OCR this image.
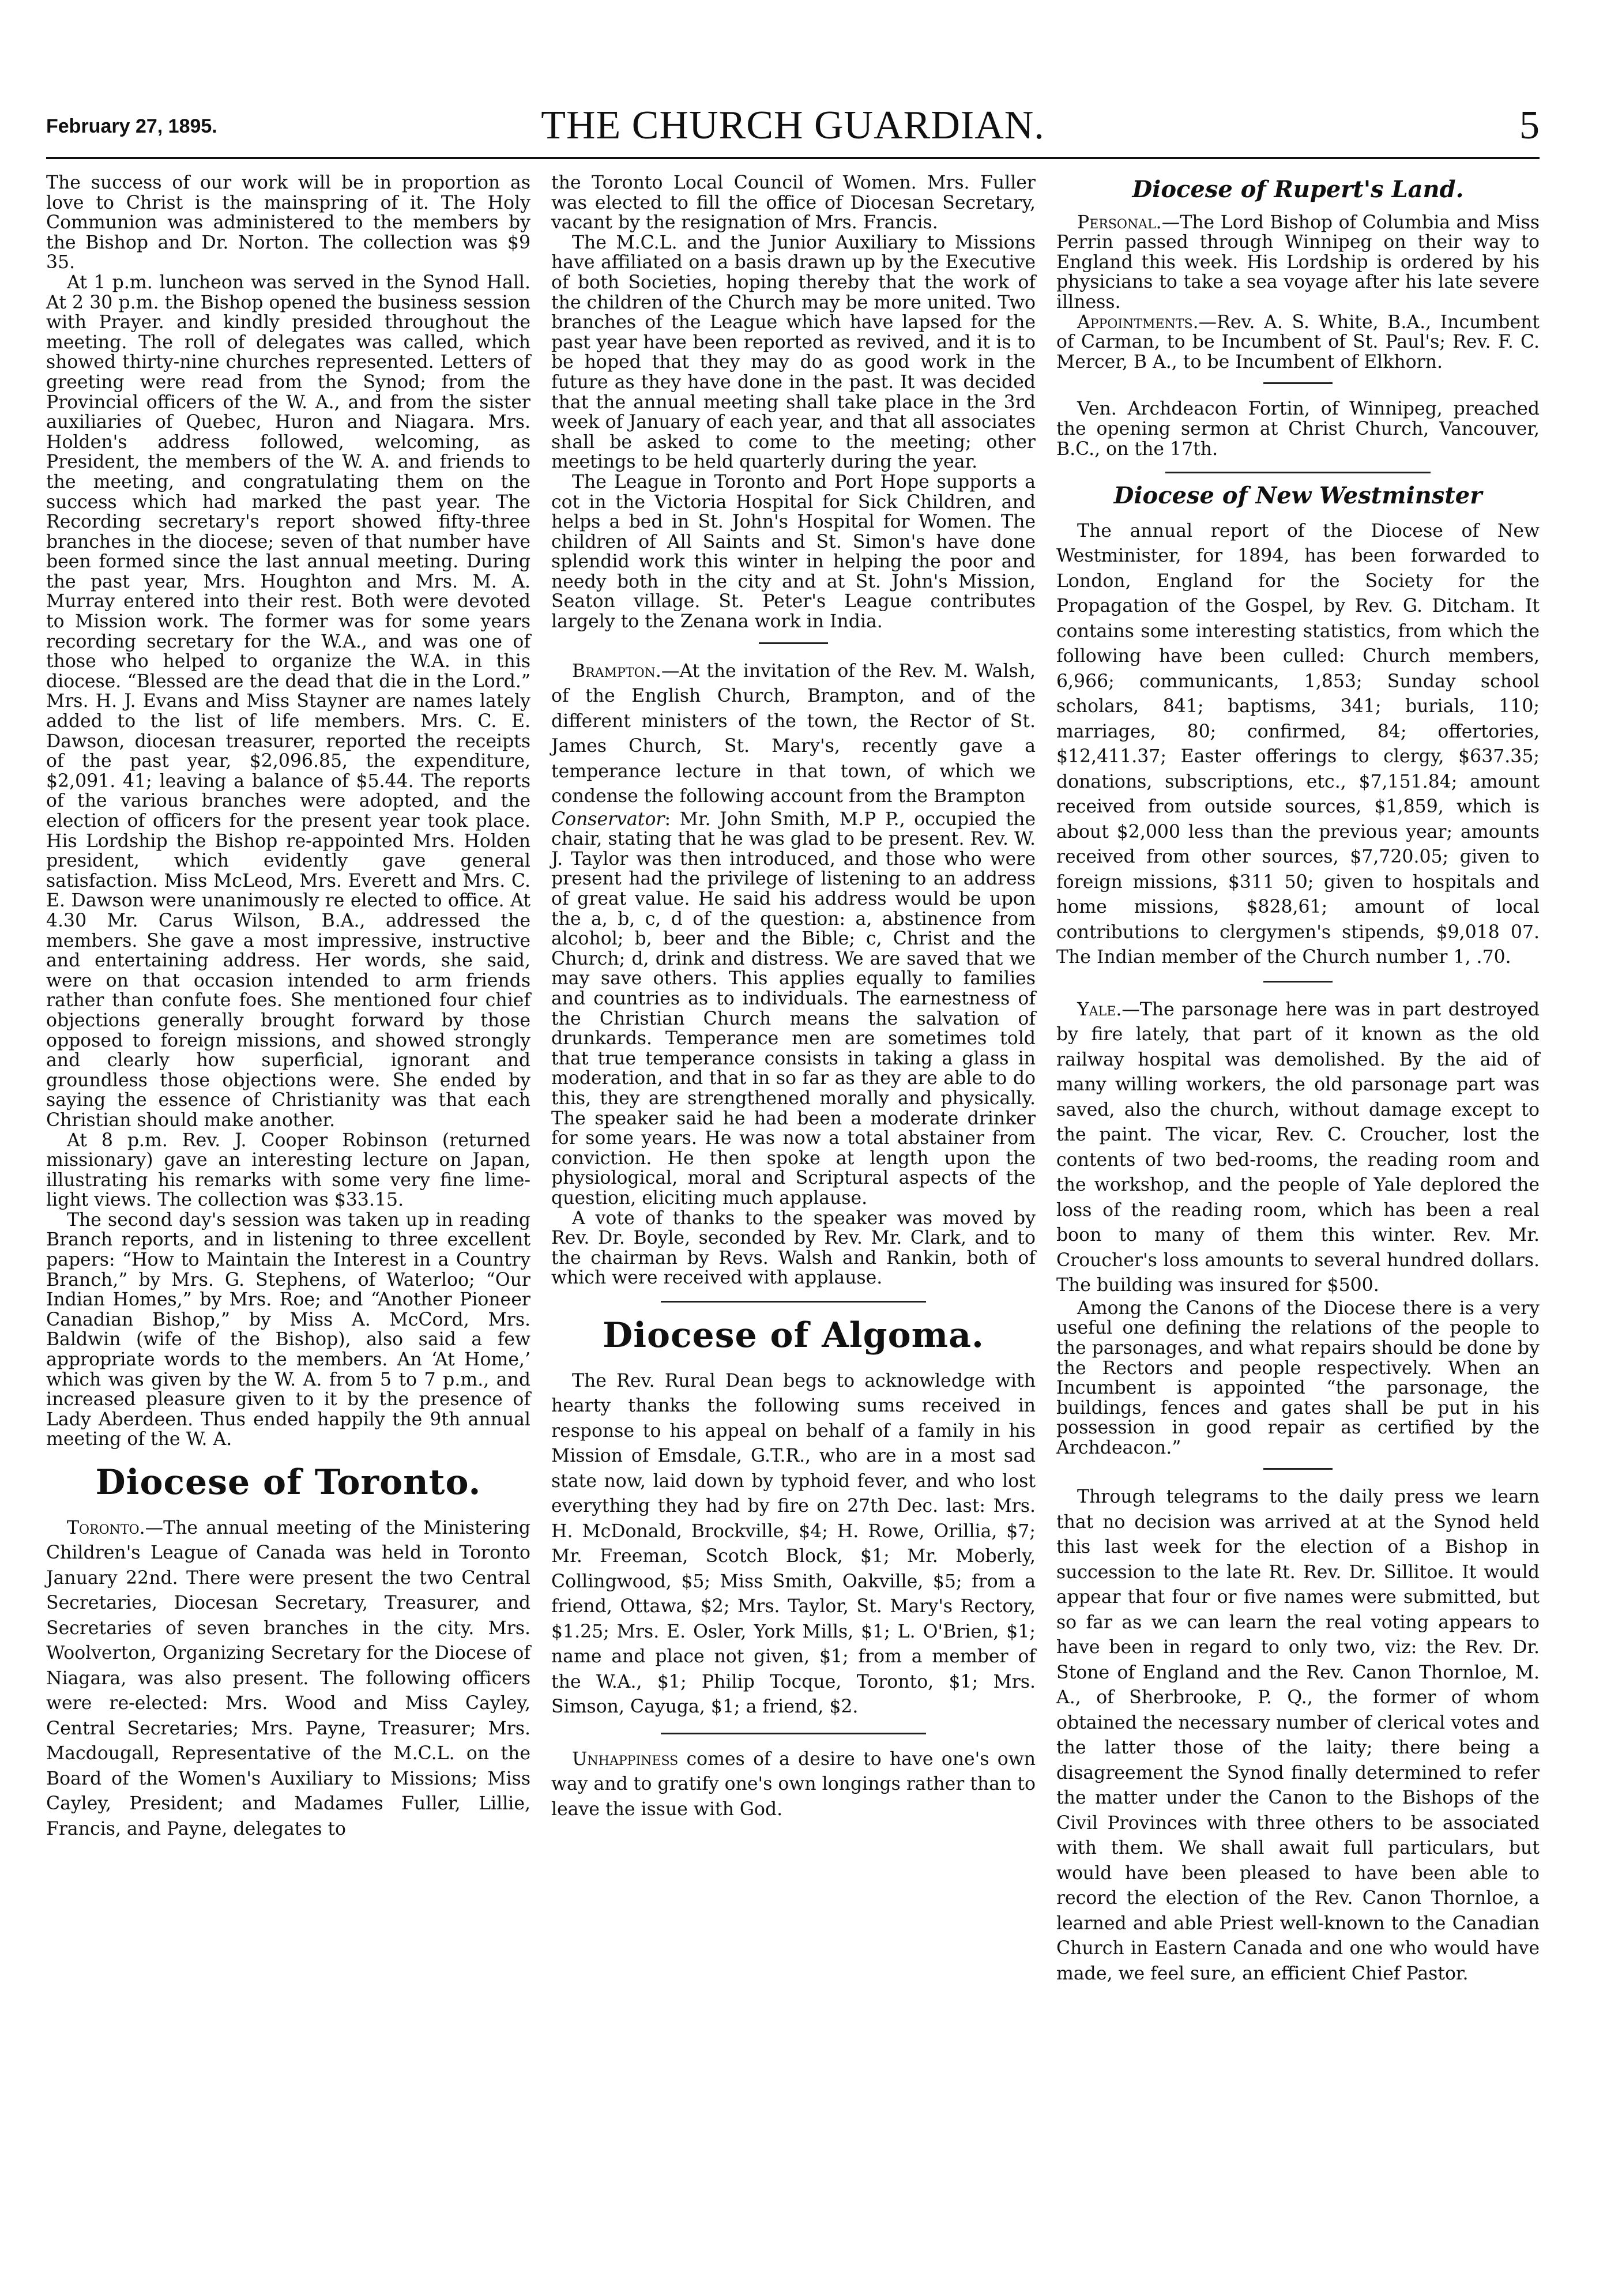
February 27, 1895.	THE CHURCH GUARDIAN.	5

The success of our work will be in proportion as love to Christ is the mainspring of it. The Holy Communion was administered to the members by the Bishop and Dr. Norton. The collection was $9 35.

At 1 p.m. luncheon was served in the Synod Hall. At 2 30 p.m. the Bishop opened the business session with Prayer. and kindly presided throughout the meeting. The roll of delegates was called, which showed thirty-nine churches represented. Letters of greeting were read from the Synod; from the Provincial officers of the W. A., and from the sister auxiliaries of Quebec, Huron and Niagara. Mrs. Holden's address followed, welcoming, as President, the members of the W. A. and friends to the meeting, and congratulating them on the success which had marked the past year. The Recording secretary's report showed fifty-three branches in the diocese; seven of that number have been formed since the last annual meeting. During the past year, Mrs. Houghton and Mrs. M. A. Murray entered into their rest. Both were devoted to Mission work. The former was for some years recording secretary for the W.A., and was one of those who helped to organize the W.A. in this diocese. “Blessed are the dead that die in the Lord.” Mrs. H. J. Evans and Miss Stayner are names lately added to the list of life members. Mrs. C. E. Dawson, diocesan treasurer, reported the receipts of the past year, $2,096.85, the expenditure, $2,091. 41; leaving a balance of $5.44. The reports of the various branches were adopted, and the election of officers for the present year took place. His Lordship the Bishop re-appointed Mrs. Holden president, which evidently gave general satisfaction. Miss McLeod, Mrs. Everett and Mrs. C. E. Dawson were unanimously re elected to office. At 4.30 Mr. Carus Wilson, B.A., addressed the members. She gave a most impressive, instructive and entertaining address. Her words, she said, were on that occasion intended to arm friends rather than confute foes. She mentioned four chief objections generally brought forward by those opposed to foreign missions, and showed strongly and clearly how superficial, ignorant and groundless those objections were. She ended by saying the essence of Christianity was that each Christian should make another.

At 8 p.m. Rev. J. Cooper Robinson (returned missionary) gave an interesting lecture on Japan, illustrating his remarks with some very fine lime-light views. The collection was $33.15.

The second day's session was taken up in reading Branch reports, and in listening to three excellent papers: “How to Maintain the Interest in a Country Branch,” by Mrs. G. Stephens, of Waterloo; “Our Indian Homes,” by Mrs. Roe; and “Another Pioneer Canadian Bishop,” by Miss A. McCord, Mrs. Baldwin (wife of the Bishop), also said a few appropriate words to the members. An ‘At Home,’ which was given by the W. A. from 5 to 7 p.m., and increased pleasure given to it by the presence of Lady Aberdeen. Thus ended happily the 9th annual meeting of the W. A.

Diocese of Toronto.

Toronto.—The annual meeting of the Ministering Children's League of Canada was held in Toronto January 22nd. There were present the two Central Secretaries, Diocesan Secretary, Treasurer, and Secretaries of seven branches in the city. Mrs. Woolverton, Organizing Secretary for the Diocese of Niagara, was also present. The following officers were re-elected: Mrs. Wood and Miss Cayley, Central Secretaries; Mrs. Payne, Treasurer; Mrs. Macdougall, Representative of the M.C.L. on the Board of the Women's Auxiliary to Missions; Miss Cayley, President; and Madames Fuller, Lillie, Francis, and Payne, delegates to

the Toronto Local Council of Women. Mrs. Fuller was elected to fill the office of Diocesan Secretary, vacant by the resignation of Mrs. Francis.

The M.C.L. and the Junior Auxiliary to Missions have affiliated on a basis drawn up by the Executive of both Societies, hoping thereby that the work of the children of the Church may be more united. Two branches of the League which have lapsed for the past year have been reported as revived, and it is to be hoped that they may do as good work in the future as they have done in the past. It was decided that the annual meeting shall take place in the 3rd week of January of each year, and that all associates shall be asked to come to the meeting; other meetings to be held quarterly during the year.

The League in Toronto and Port Hope supports a cot in the Victoria Hospital for Sick Children, and helps a bed in St. John's Hospital for Women. The children of All Saints and St. Simon's have done splendid work this winter in helping the poor and needy both in the city and at St. John's Mission, Seaton village. St. Peter's League contributes largely to the Zenana work in India.

Brampton.—At the invitation of the Rev. M. Walsh, of the English Church, Brampton, and of the different ministers of the town, the Rector of St. James Church, St. Mary's, recently gave a temperance lecture in that town, of which we condense the following account from the Brampton

Conservator: Mr. John Smith, M.P P., occupied the chair, stating that he was glad to be present. Rev. W. J. Taylor was then introduced, and those who were present had the privilege of listening to an address of great value. He said his address would be upon the a, b, c, d of the question: a, abstinence from alcohol; b, beer and the Bible; c, Christ and the Church; d, drink and distress. We are saved that we may save others. This applies equally to families and countries as to individuals. The earnestness of the Christian Church means the salvation of drunkards. Temperance men are sometimes told that true temperance consists in taking a glass in moderation, and that in so far as they are able to do this, they are strengthened morally and physically. The speaker said he had been a moderate drinker for some years. He was now a total abstainer from conviction. He then spoke at length upon the physiological, moral and Scriptural aspects of the question, eliciting much applause.

A vote of thanks to the speaker was moved by Rev. Dr. Boyle, seconded by Rev. Mr. Clark, and to the chairman by Revs. Walsh and Rankin, both of which were received with applause.

Diocese of Algoma.

The Rev. Rural Dean begs to acknowledge with hearty thanks the following sums received in response to his appeal on behalf of a family in his Mission of Emsdale, G.T.R., who are in a most sad state now, laid down by typhoid fever, and who lost everything they had by fire on 27th Dec. last: Mrs. H. McDonald, Brockville, $4; H. Rowe, Orillia, $7; Mr. Freeman, Scotch Block, $1; Mr. Moberly, Collingwood, $5; Miss Smith, Oakville, $5; from a friend, Ottawa, $2; Mrs. Taylor, St. Mary's Rectory, $1.25; Mrs. E. Osler, York Mills, $1; L. O'Brien, $1; name and place not given, $1; from a member of the W.A., $1; Philip Tocque, Toronto, $1; Mrs. Simson, Cayuga, $1; a friend, $2.

Unhappiness comes of a desire to have one's own way and to gratify one's own longings rather than to leave the issue with God.

Diocese of Rupert's Land.

Personal.—The Lord Bishop of Columbia and Miss Perrin passed through Winnipeg on their way to England this week. His Lordship is ordered by his physicians to take a sea voyage after his late severe illness.

Appointments.—Rev. A. S. White, B.A., Incumbent of Carman, to be Incumbent of St. Paul's; Rev. F. C. Mercer, B A., to be Incumbent of Elkhorn.

Ven. Archdeacon Fortin, of Winnipeg, preached the opening sermon at Christ Church, Vancouver, B.C., on the 17th.

Diocese of New Westminster

The annual report of the Diocese of New Westminister, for 1894, has been forwarded to London, England for the Society for the Propagation of the Gospel, by Rev. G. Ditcham. It contains some interesting statistics, from which the following have been culled: Church members, 6,966; communicants, 1,853; Sunday school scholars, 841; baptisms, 341; burials, 110; marriages, 80; confirmed, 84; offertories, $12,411.37; Easter offerings to clergy, $637.35; donations, subscriptions, etc., $7,151.84; amount received from outside sources, $1,859, which is about $2,000 less than the previous year; amounts received from other sources, $7,720.05; given to foreign missions, $311 50; given to hospitals and home missions, $828,61; amount of local contributions to clergymen's stipends, $9,018 07. The Indian member of the Church number 1, .70.

Yale.—The parsonage here was in part destroyed by fire lately, that part of it known as the old railway hospital was demolished. By the aid of many willing workers, the old parsonage part was saved, also the church, without damage except to the paint. The vicar, Rev. C. Croucher, lost the contents of two bed-rooms, the reading room and the workshop, and the people of Yale deplored the loss of the reading room, which has been a real boon to many of them this winter. Rev. Mr. Croucher's loss amounts to several hundred dollars. The building was insured for $500.

Among the Canons of the Diocese there is a very useful one defining the relations of the people to the parsonages, and what repairs should be done by the Rectors and people respectively. When an Incumbent is appointed “the parsonage, the buildings, fences and gates shall be put in his possession in good repair as certified by the Archdeacon.”

Through telegrams to the daily press we learn that no decision was arrived at at the Synod held this last week for the election of a Bishop in succession to the late Rt. Rev. Dr. Sillitoe. It would appear that four or five names were submitted, but so far as we can learn the real voting appears to have been in regard to only two, viz: the Rev. Dr. Stone of England and the Rev. Canon Thornloe, M. A., of Sherbrooke, P. Q., the former of whom obtained the necessary number of clerical votes and the latter those of the laity; there being a disagreement the Synod finally determined to refer the matter under the Canon to the Bishops of the Civil Provinces with three others to be associated with them. We shall await full particulars, but would have been pleased to have been able to record the election of the Rev. Canon Thornloe, a learned and able Priest well-known to the Canadian Church in Eastern Canada and one who would have made, we feel sure, an efficient Chief Pastor.
